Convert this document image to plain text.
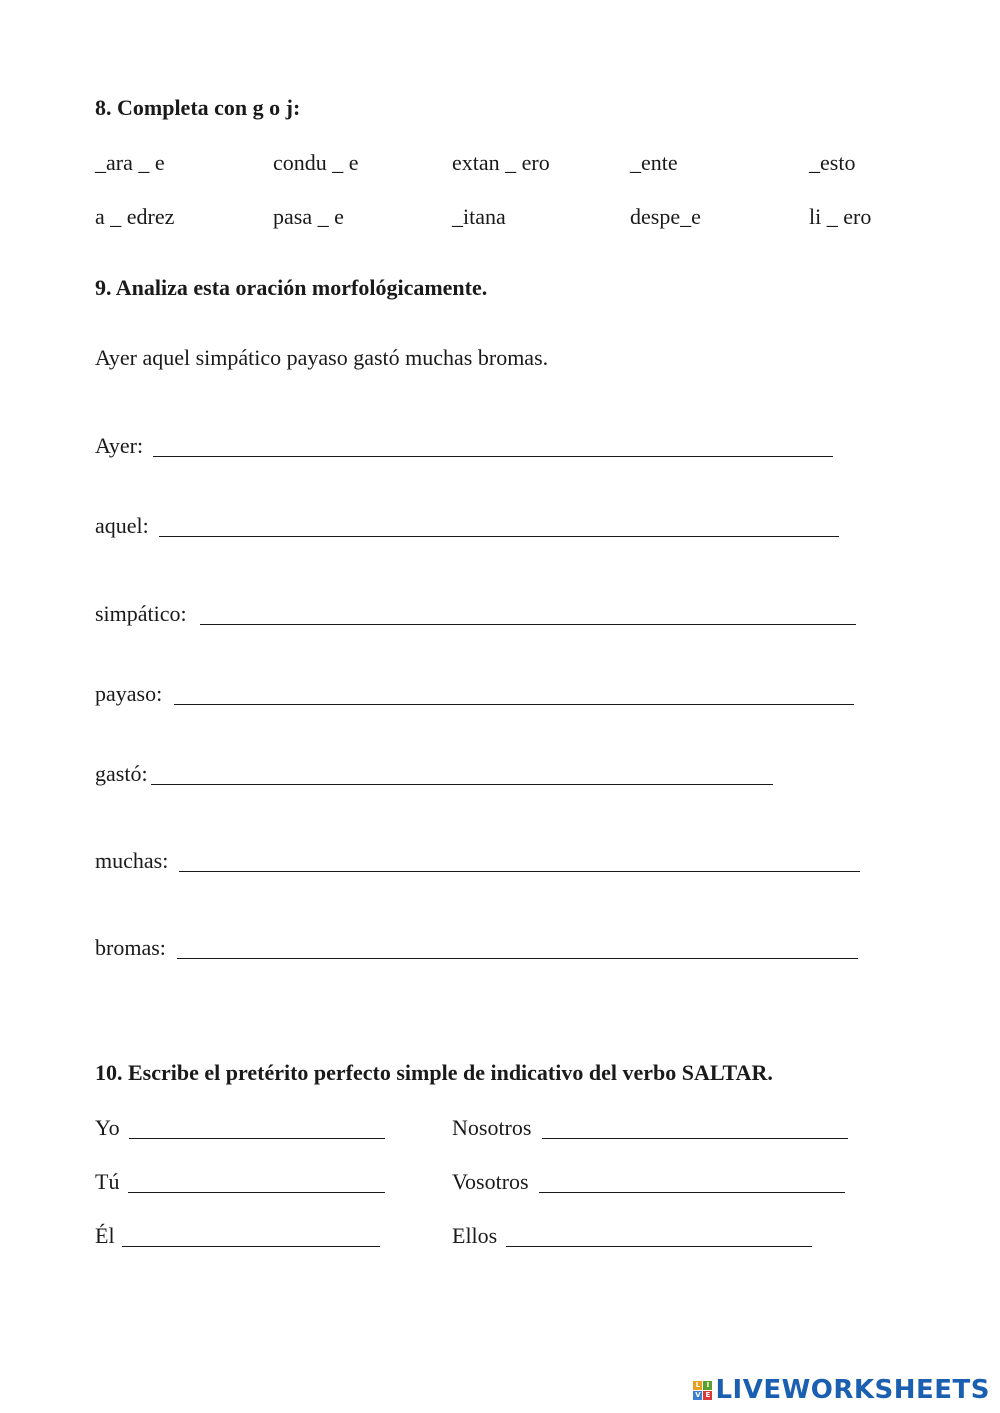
8. Completa con g o j:
_ara _ e	condu _ e	extan _ ero	_ente	_esto
a _ edrez	pasa _ e	_itana	despe_e	li _ ero
9. Analiza esta oración morfológicamente.
Ayer aquel simpático payaso gastó muchas bromas.
Ayer:
aquel:
simpático:
payaso:
gastó:
muchas:
bromas:
10. Escribe el pretérito perfecto simple de indicativo del verbo SALTAR.
Yo	Nosotros
Tú	Vosotros
Él	Ellos
L I
V E LIVEWORKSHEETS
